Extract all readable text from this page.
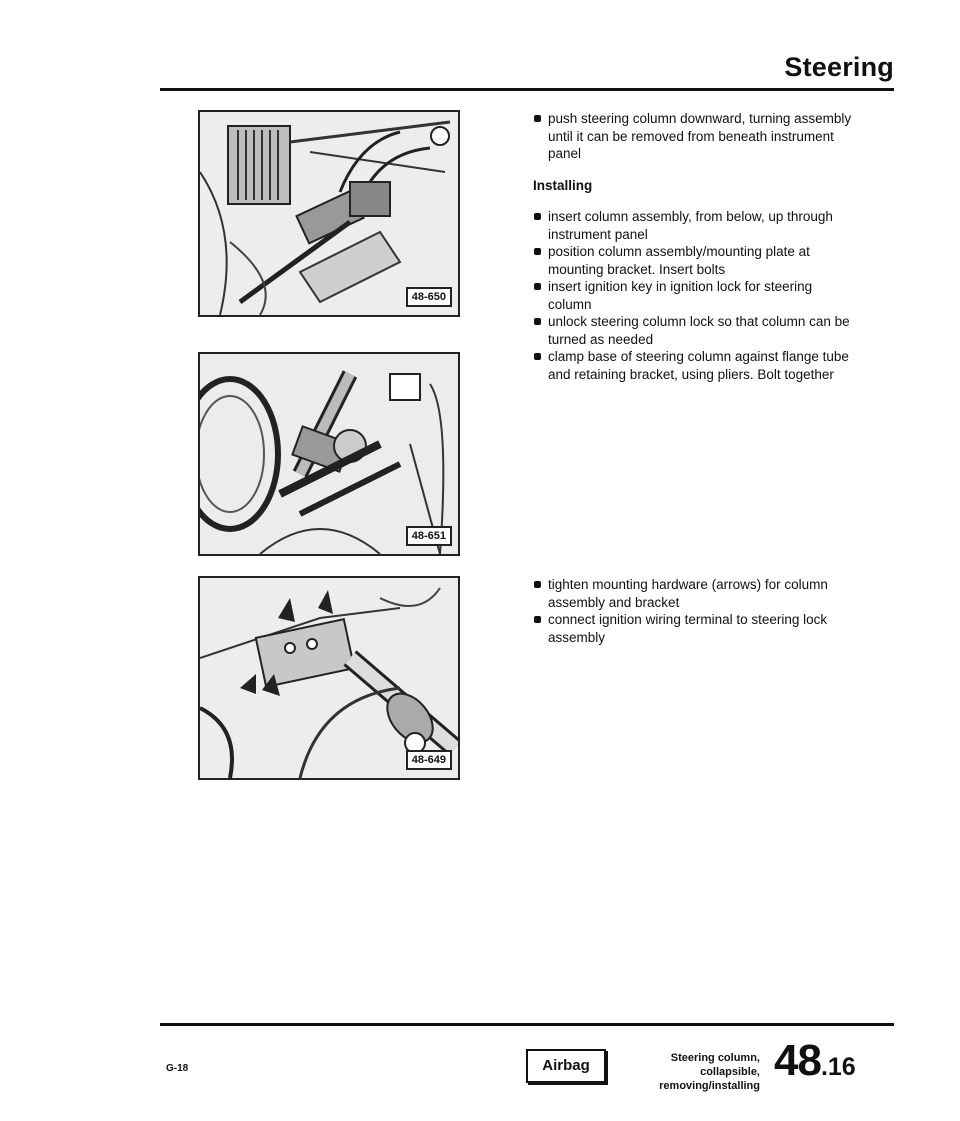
Steering
48-650
48-651
48-649
push steering column downward, turning assembly until it can be removed from beneath instrument panel
Installing
insert column assembly, from below, up through instrument panel
position column assembly/mounting plate at mounting bracket. Insert bolts
insert ignition key in ignition lock for steering column
unlock steering column lock so that column can be turned as needed
clamp base of steering column against flange tube and retaining bracket, using pliers. Bolt together
tighten mounting hardware (arrows) for column assembly and bracket
connect ignition wiring terminal to steering lock assembly
G-18	Airbag	Steering column, collapsible,
removing/installing
48.16
